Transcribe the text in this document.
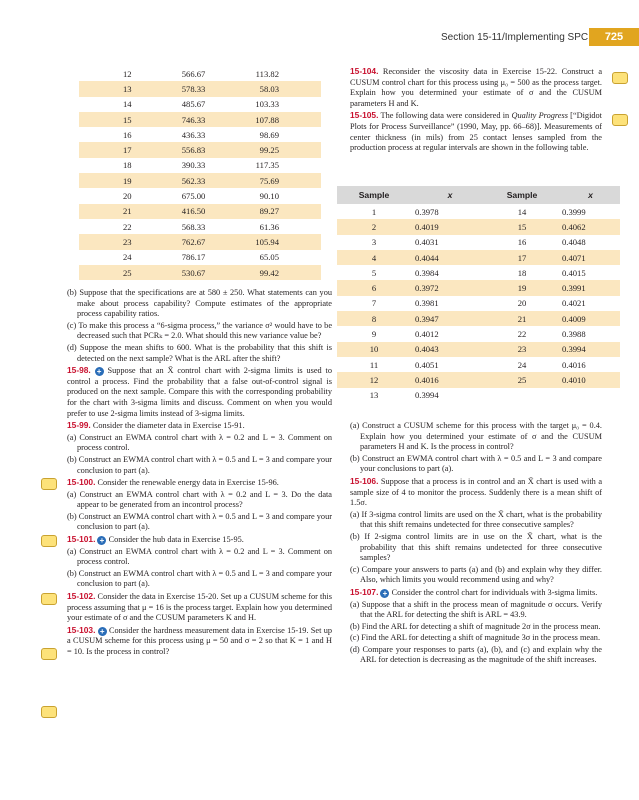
Section 15-11/Implementing SPC	725
12	566.67	113.82
13	578.33	58.03
14	485.67	103.33
15	746.33	107.88
16	436.33	98.69
17	556.83	99.25
18	390.33	117.35
19	562.33	75.69
20	675.00	90.10
21	416.50	89.27
22	568.33	61.36
23	762.67	105.94
24	786.17	65.05
25	530.67	99.42

(b) Suppose that the specifications are at 580 ± 250. What statements can you make about process capability? Compute estimates of the appropriate process capability ratios.

(c) To make this process a “6-sigma process,” the variance σ² would have to be decreased such that PCRₖ = 2.0. What should this new variance value be?

(d) Suppose the mean shifts to 600. What is the probability that this shift is detected on the next sample? What is the ARL after the shift?

15-98. + Suppose that an X̄ control chart with 2-sigma limits is used to control a process. Find the probability that a false out-of-control signal is produced on the next sample. Compare this with the corresponding probability for the chart with 3-sigma limits and discuss. Comment on when you would prefer to use 2-sigma limits instead of 3-sigma limits.

15-99. Consider the diameter data in Exercise 15-91.

(a) Construct an EWMA control chart with λ = 0.2 and L = 3. Comment on process control.

(b) Construct an EWMA control chart with λ = 0.5 and L = 3 and compare your conclusion to part (a).

15-100. Consider the renewable energy data in Exercise 15-96.

(a) Construct an EWMA control chart with λ = 0.2 and L = 3. Do the data appear to be generated from an incontrol process?

(b) Construct an EWMA control chart with λ = 0.5 and L = 3 and compare your conclusion to part (a).

15-101. + Consider the hub data in Exercise 15-95.

(a) Construct an EWMA control chart with λ = 0.2 and L = 3. Comment on process control.

(b) Construct an EWMA control chart with λ = 0.5 and L = 3 and compare your conclusion to part (a).

15-102. Consider the data in Exercise 15-20. Set up a CUSUM scheme for this process assuming that μ = 16 is the process target. Explain how you determined your estimate of σ and the CUSUM parameters K and H.

15-103. + Consider the hardness measurement data in Exercise 15-19. Set up a CUSUM scheme for this process using μ = 50 and σ = 2 so that K = 1 and H = 10. Is the process in control?

15-104. Reconsider the viscosity data in Exercise 15-22. Construct a CUSUM control chart for this process using μ₀ = 500 as the process target. Explain how you determined your estimate of σ and the CUSUM parameters H and K.

15-105. The following data were considered in Quality Progress [“Digidot Plots for Process Surveillance” (1990, May, pp. 66–68)]. Measurements of center thickness (in mils) from 25 contact lenses sampled from the production process at regular intervals are shown in the following table.

Sample	x	Sample	x
1	0.3978	14	0.3999
2	0.4019	15	0.4062
3	0.4031	16	0.4048
4	0.4044	17	0.4071
5	0.3984	18	0.4015
6	0.3972	19	0.3991
7	0.3981	20	0.4021
8	0.3947	21	0.4009
9	0.4012	22	0.3988
10	0.4043	23	0.3994
11	0.4051	24	0.4016
12	0.4016	25	0.4010
13	0.3994		

(a) Construct a CUSUM scheme for this process with the target μ₀ = 0.4. Explain how you determined your estimate of σ and the CUSUM parameters H and K. Is the process in control?

(b) Construct an EWMA control chart with λ = 0.5 and L = 3 and compare your conclusions to part (a).

15-106. Suppose that a process is in control and an X̄ chart is used with a sample size of 4 to monitor the process. Suddenly there is a mean shift of 1.5σ.

(a) If 3-sigma control limits are used on the X̄ chart, what is the probability that this shift remains undetected for three consecutive samples?

(b) If 2-sigma control limits are in use on the X̄ chart, what is the probability that this shift remains undetected for three consecutive samples?

(c) Compare your answers to parts (a) and (b) and explain why they differ. Also, which limits you would recommend using and why?

15-107. + Consider the control chart for individuals with 3-sigma limits.

(a) Suppose that a shift in the process mean of magnitude σ occurs. Verify that the ARL for detecting the shift is ARL = 43.9.

(b) Find the ARL for detecting a shift of magnitude 2σ in the process mean.

(c) Find the ARL for detecting a shift of magnitude 3σ in the process mean.

(d) Compare your responses to parts (a), (b), and (c) and explain why the ARL for detection is decreasing as the magnitude of the shift increases.
